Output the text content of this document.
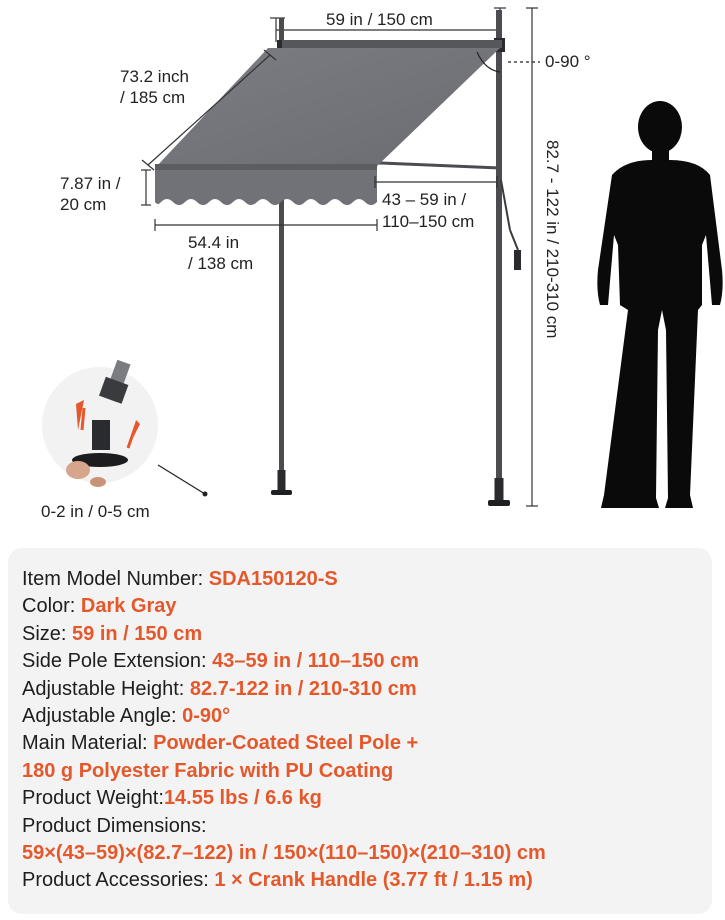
59 in / 150 cm
0-90 °
73.2 inch
/ 185 cm
7.87 in /
20 cm	43 – 59 in /
110–150 cm
54.4 in
/ 138 cm	82.7 - 122 in / 210-310 cm
0-2 in / 0-5 cm
Item Model Number: SDA150120-S
Color: Dark Gray
Size: 59 in / 150 cm
Side Pole Extension: 43–59 in / 110–150 cm
Adjustable Height: 82.7-122 in / 210-310 cm
Adjustable Angle: 0-90°
Main Material: Powder-Coated Steel Pole +
180 g Polyester Fabric with PU Coating
Product Weight:14.55 lbs / 6.6 kg
Product Dimensions:
59×(43–59)×(82.7–122) in / 150×(110–150)×(210–310) cm
Product Accessories: 1 × Crank Handle (3.77 ft / 1.15 m)
